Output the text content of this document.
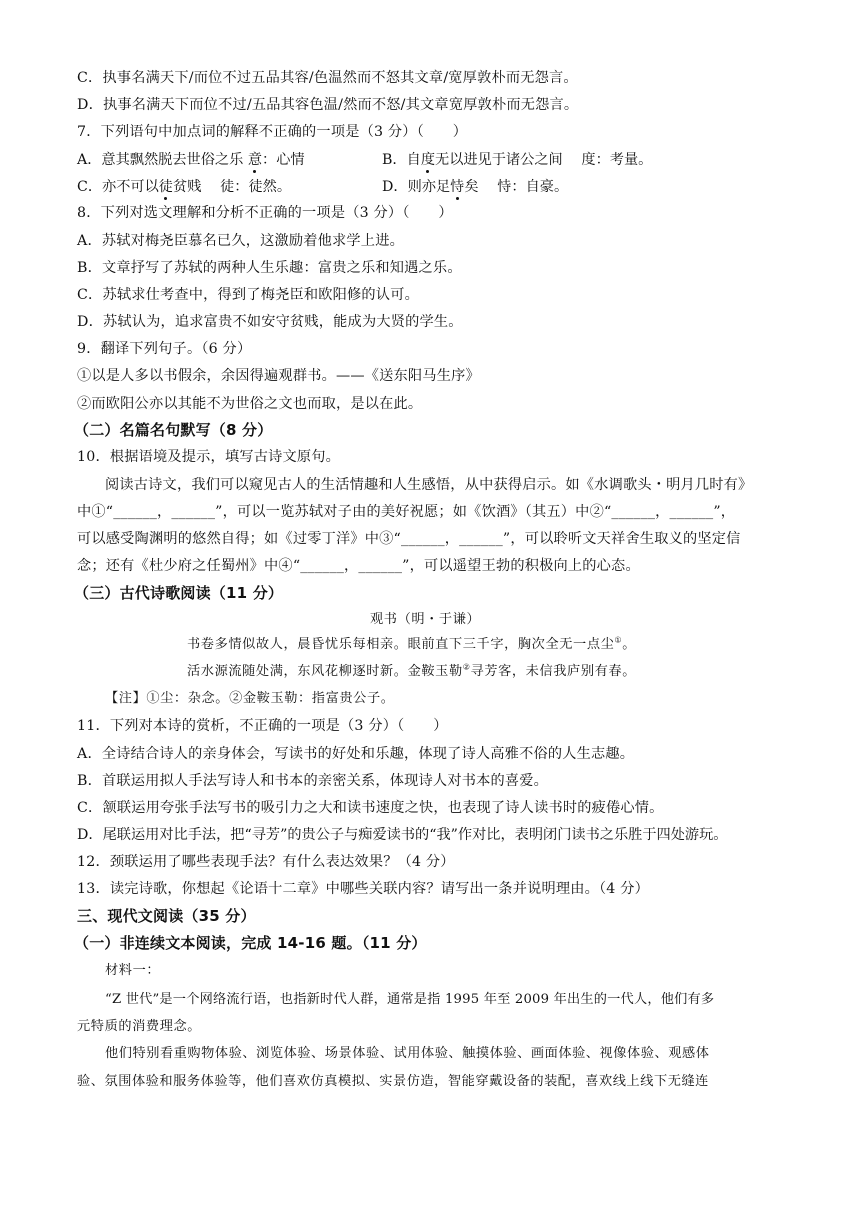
C．执事名满天下/而位不过五品其容/色温然而不怒其文章/宽厚敦朴而无怨言。
D．执事名满天下而位不过/五品其容色温/然而不怒/其文章宽厚敦朴而无怨言。
7．下列语句中加点词的解释不正确的一项是（3 分）（　　）
A．意其飘然脱去世俗之乐 意：心情	B．自度无以进见于诸公之间　 度：考量。
C．亦不可以徒贫贱　 徒：徒然。	D．则亦足恃矣　 恃：自豪。
8．下列对选文理解和分析不正确的一项是（3 分）（　　）
A．苏轼对梅尧臣慕名已久，这激励着他求学上进。
B．文章抒写了苏轼的两种人生乐趣：富贵之乐和知遇之乐。
C．苏轼求仕考查中，得到了梅尧臣和欧阳修的认可。
D．苏轼认为，追求富贵不如安守贫贱，能成为大贤的学生。
9．翻译下列句子。（6 分）
①以是人多以书假余，余因得遍观群书。——《送东阳马生序》
②而欧阳公亦以其能不为世俗之文也而取，是以在此。
（二）名篇名句默写（8 分）
10．根据语境及提示，填写古诗文原句。
阅读古诗文，我们可以窥见古人的生活情趣和人生感悟，从中获得启示。如《水调歌头・明月几时有》
中①“______，______”，可以一览苏轼对子由的美好祝愿；如《饮酒》（其五）中②“______，______”，
可以感受陶渊明的悠然自得；如《过零丁洋》中③“______，______”，可以聆听文天祥舍生取义的坚定信
念；还有《杜少府之任蜀州》中④“______，______”，可以遥望王勃的积极向上的心态。
（三）古代诗歌阅读（11 分）
观书（明・于谦）
书卷多情似故人，晨昏忧乐每相亲。眼前直下三千字，胸次全无一点尘①。
活水源流随处满，东风花柳逐时新。金鞍玉勒②寻芳客，未信我庐别有春。
【注】①尘：杂念。②金鞍玉勒：指富贵公子。
11．下列对本诗的赏析，不正确的一项是（3 分）（　　）
A．全诗结合诗人的亲身体会，写读书的好处和乐趣，体现了诗人高雅不俗的人生志趣。
B．首联运用拟人手法写诗人和书本的亲密关系，体现诗人对书本的喜爱。
C．颔联运用夸张手法写书的吸引力之大和读书速度之快，也表现了诗人读书时的疲倦心情。
D．尾联运用对比手法，把“寻芳”的贵公子与痴爱读书的“我”作对比，表明闭门读书之乐胜于四处游玩。
12．颈联运用了哪些表现手法？有什么表达效果？（4 分）
13．读完诗歌，你想起《论语十二章》中哪些关联内容？请写出一条并说明理由。（4 分）
三、现代文阅读（35 分）
（一）非连续文本阅读，完成 14-16 题。（11 分）
材料一：
“Z 世代”是一个网络流行语，也指新时代人群，通常是指 1995 年至 2009 年出生的一代人，他们有多
元特质的消费理念。
他们特别看重购物体验、浏览体验、场景体验、试用体验、触摸体验、画面体验、视像体验、观感体
验、氛围体验和服务体验等，他们喜欢仿真模拟、实景仿造，智能穿戴设备的装配，喜欢线上线下无缝连
